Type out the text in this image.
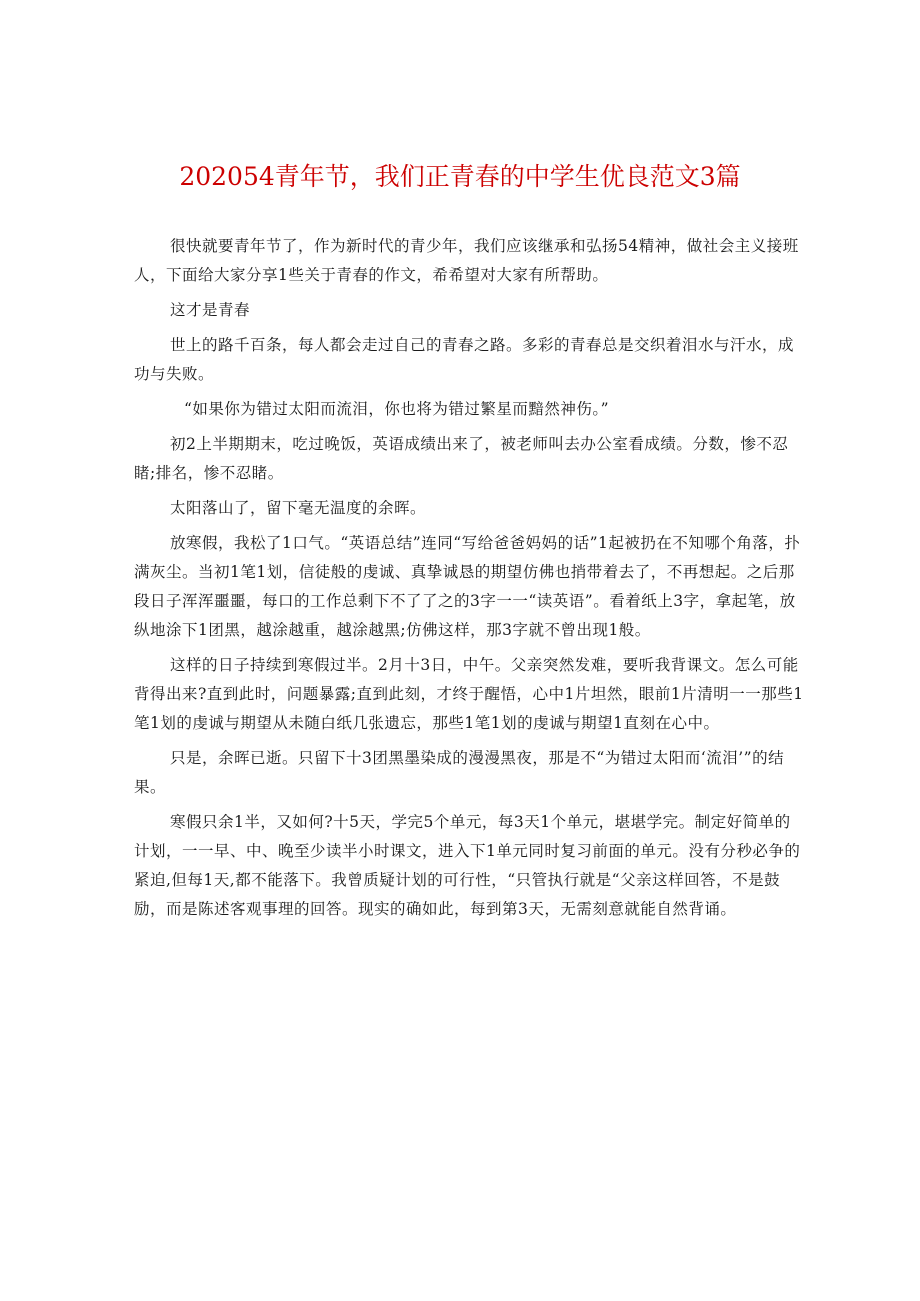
202054青年节，我们正青春的中学生优良范文3篇

很快就要青年节了，作为新时代的青少年，我们应该继承和弘扬54精神，做社会主义接班人，下面给大家分享1些关于青春的作文，希希望对大家有所帮助。

这才是青春

世上的路千百条，每人都会走过自己的青春之路。多彩的青春总是交织着泪水与汗水，成功与失败。

“如果你为错过太阳而流泪，你也将为错过繁星而黯然神伤。”

初2上半期期末，吃过晚饭，英语成绩出来了，被老师叫去办公室看成绩。分数，惨不忍睹;排名，惨不忍睹。

太阳落山了，留下毫无温度的余晖。

放寒假，我松了1口气。“英语总结”连同“写给爸爸妈妈的话”1起被扔在不知哪个角落，扑满灰尘。当初1笔1划，信徒般的虔诚、真挚诚恳的期望仿佛也捎带着去了，不再想起。之后那段日子浑浑噩噩，每口的工作总剩下不了了之的3字一一“读英语”。看着纸上3字，拿起笔，放纵地涂下1团黑，越涂越重，越涂越黑;仿佛这样，那3字就不曾出现1般。

这样的日子持续到寒假过半。2月十3日，中午。父亲突然发难，要听我背课文。怎么可能背得出来?直到此时，问题暴露;直到此刻，才终于醒悟，心中1片坦然，眼前1片清明一一那些1笔1划的虔诚与期望从未随白纸几张遗忘，那些1笔1划的虔诚与期望1直刻在心中。

只是，余晖已逝。只留下十3团黑墨染成的漫漫黑夜，那是不“为错过太阳而‘流泪’”的结果。

寒假只余1半，又如何?十5天，学完5个单元，每3天1个单元，堪堪学完。制定好简单的计划，一一早、中、晚至少读半小时课文，进入下1单元同时复习前面的单元。没有分秒必争的紧迫,但每1天,都不能落下。我曾质疑计划的可行性，“只管执行就是“父亲这样回答，不是鼓励，而是陈述客观事理的回答。现实的确如此，每到第3天，无需刻意就能自然背诵。
